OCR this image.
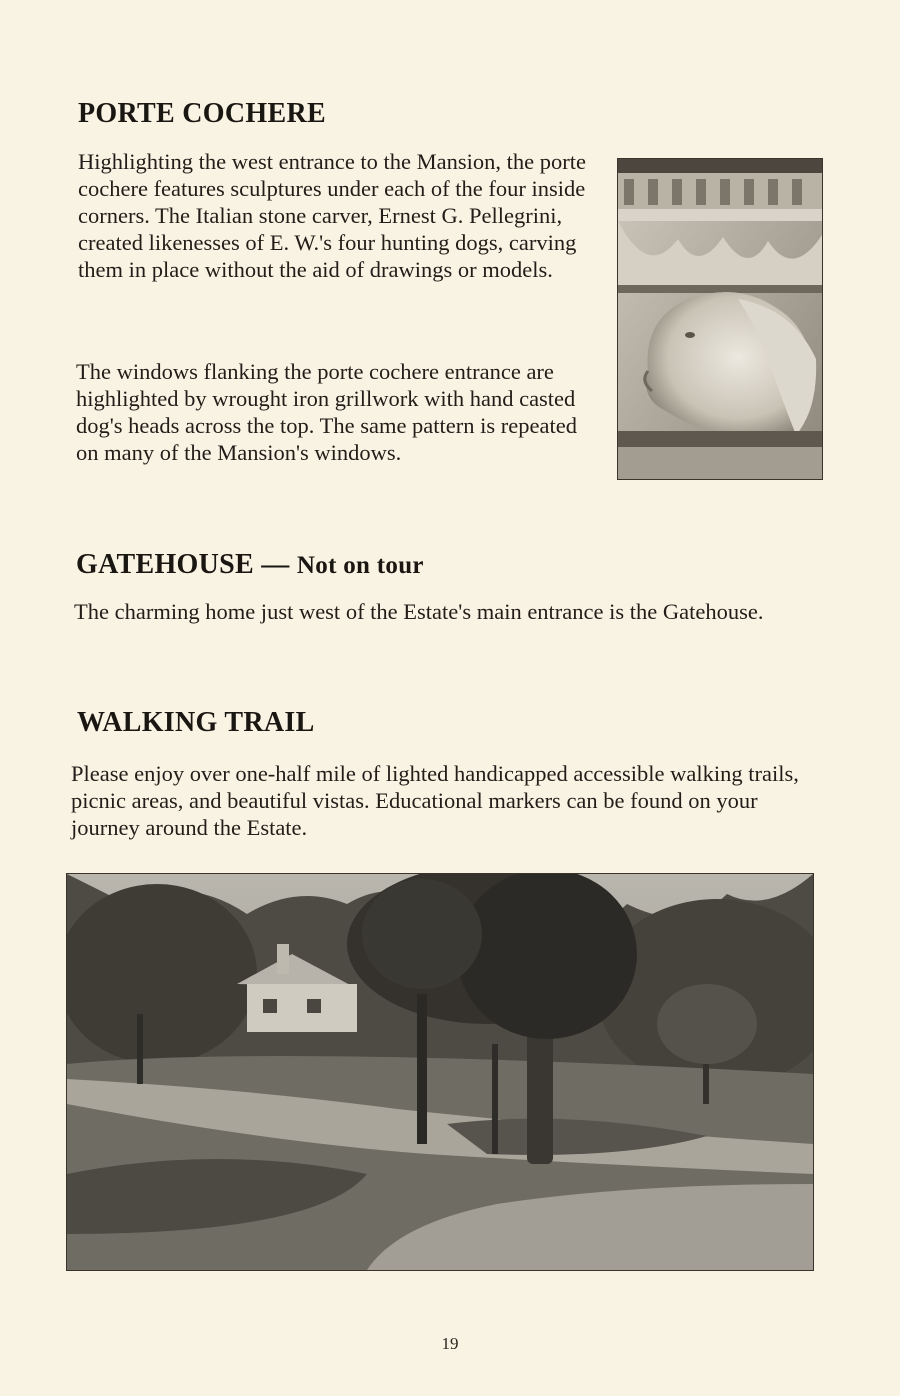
PORTE COCHERE

Highlighting the west entrance to the Mansion, the porte cochere features sculptures under each of the four inside corners. The Italian stone carver, Ernest G. Pellegrini, created likenesses of E. W.'s four hunting dogs, carving them in place without the aid of drawings or models.

The windows flanking the porte cochere entrance are highlighted by wrought iron grillwork with hand casted dog's heads across the top. The same pattern is repeated on many of the Mansion's windows.

GATEHOUSE — Not on tour

The charming home just west of the Estate's main entrance is the Gatehouse.

WALKING TRAIL

Please enjoy over one-half mile of lighted handicapped accessible walking trails, picnic areas, and beautiful vistas. Educational markers can be found on your journey around the Estate.

19
